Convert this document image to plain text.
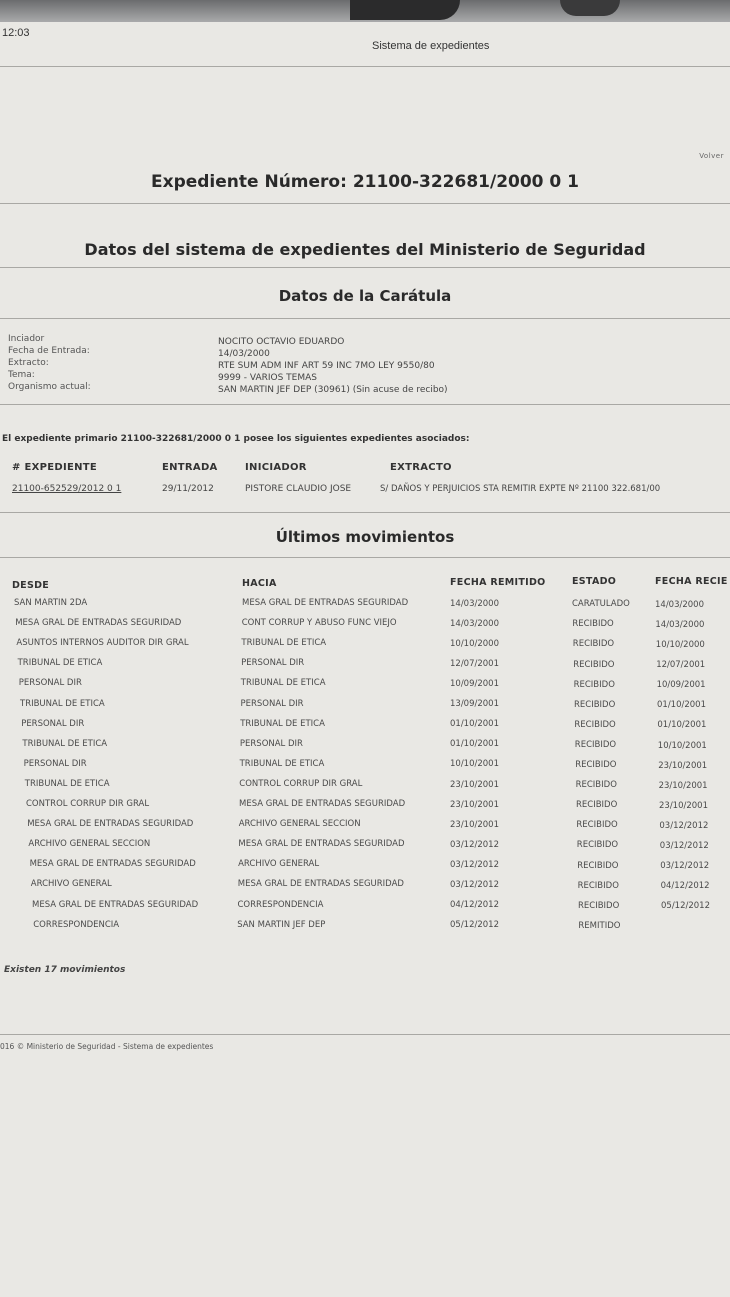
12:03
Sistema de expedientes
Volver
Expediente Número: 21100-322681/2000 0 1
Datos del sistema de expedientes del Ministerio de Seguridad
Datos de la Carátula
Inciador	NOCITO OCTAVIO EDUARDO
Fecha de Entrada:	14/03/2000
Extracto:	RTE SUM ADM INF ART 59 INC 7MO LEY 9550/80
Tema:	9999 - VARIOS TEMAS
Organismo actual:	SAN MARTIN JEF DEP (30961) (Sin acuse de recibo)
El expediente primario 21100-322681/2000 0 1 posee los siguientes expedientes asociados:
# EXPEDIENTE	ENTRADA	INICIADOR	EXTRACTO
21100-652529/2012 0 1	29/11/2012	PISTORE CLAUDIO JOSE	S/ DAÑOS Y PERJUICIOS STA REMITIR EXPTE Nº 21100 322.681/00
Últimos movimientos
DESDE	HACIA	FECHA REMITIDO	ESTADO	FECHA RECIE
SAN MARTIN 2DA	MESA GRAL DE ENTRADAS SEGURIDAD	14/03/2000	CARATULADO	14/03/2000
MESA GRAL DE ENTRADAS SEGURIDAD	CONT CORRUP Y ABUSO FUNC VIEJO	14/03/2000	RECIBIDO	14/03/2000
ASUNTOS INTERNOS AUDITOR DIR GRAL	TRIBUNAL DE ETICA	10/10/2000	RECIBIDO	10/10/2000
TRIBUNAL DE ETICA	PERSONAL DIR	12/07/2001	RECIBIDO	12/07/2001
PERSONAL DIR	TRIBUNAL DE ETICA	10/09/2001	RECIBIDO	10/09/2001
TRIBUNAL DE ETICA	PERSONAL DIR	13/09/2001	RECIBIDO	01/10/2001
PERSONAL DIR	TRIBUNAL DE ETICA	01/10/2001	RECIBIDO	01/10/2001
TRIBUNAL DE ETICA	PERSONAL DIR	01/10/2001	RECIBIDO	10/10/2001
PERSONAL DIR	TRIBUNAL DE ETICA	10/10/2001	RECIBIDO	23/10/2001
TRIBUNAL DE ETICA	CONTROL CORRUP DIR GRAL	23/10/2001	RECIBIDO	23/10/2001
CONTROL CORRUP DIR GRAL	MESA GRAL DE ENTRADAS SEGURIDAD	23/10/2001	RECIBIDO	23/10/2001
MESA GRAL DE ENTRADAS SEGURIDAD	ARCHIVO GENERAL SECCION	23/10/2001	RECIBIDO	03/12/2012
ARCHIVO GENERAL SECCION	MESA GRAL DE ENTRADAS SEGURIDAD	03/12/2012	RECIBIDO	03/12/2012
MESA GRAL DE ENTRADAS SEGURIDAD	ARCHIVO GENERAL	03/12/2012	RECIBIDO	03/12/2012
ARCHIVO GENERAL	MESA GRAL DE ENTRADAS SEGURIDAD	03/12/2012	RECIBIDO	04/12/2012
MESA GRAL DE ENTRADAS SEGURIDAD	CORRESPONDENCIA	04/12/2012	RECIBIDO	05/12/2012
CORRESPONDENCIA	SAN MARTIN JEF DEP	05/12/2012	REMITIDO
Existen 17 movimientos
016 © Ministerio de Seguridad - Sistema de expedientes
